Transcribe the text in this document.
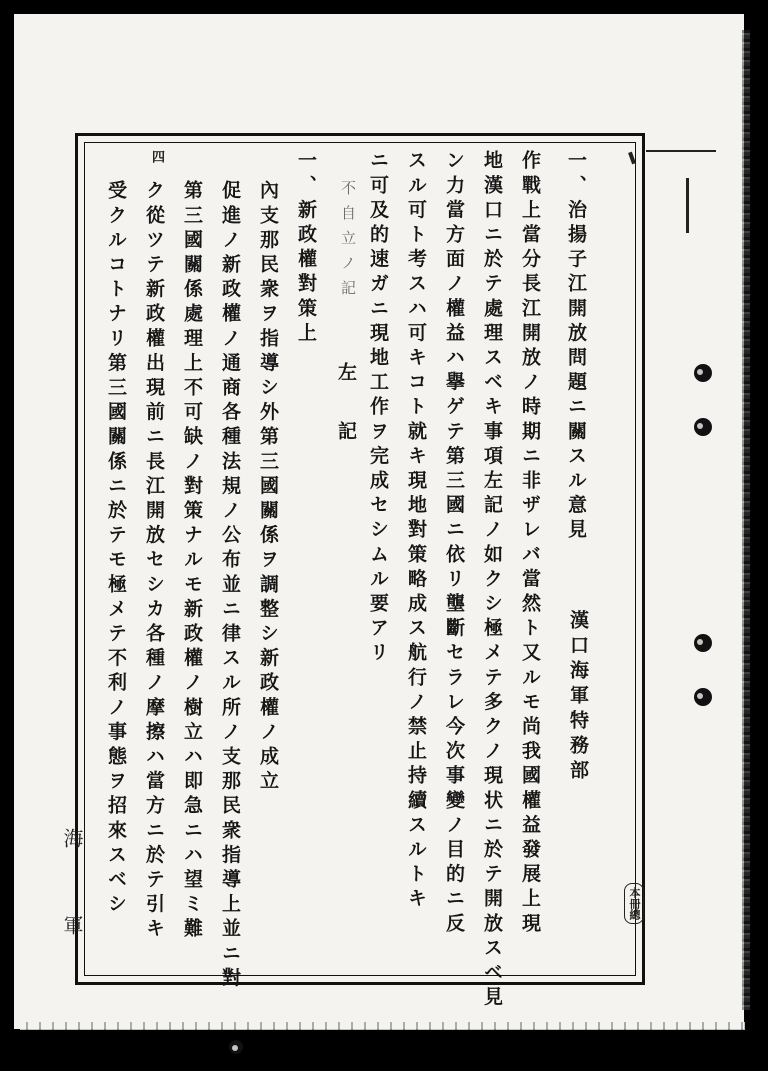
一、治揚子江開放問題ニ關スル意見
作戰上當分長江開放ノ時期ニ非ザレバ當然ト又ルモ尚我國權益發展上現
地漢口ニ於テ處理スベキ事項左記ノ如クシ極メテ多クノ現状ニ於テ開放スベ見
ン力當方面ノ權益ハ擧ゲテ第三國ニ依リ壟斷セラレ今次事變ノ目的ニ反
スル可ト考スハ可キコト就キ現地對策略成ス航行ノ禁止持續スルトキ
ニ可及的速ガニ現地工作ヲ完成セシムル要アリ
不自立ノ記
左記
一、新政權對策上
內支那民衆ヲ指導シ外第三國關係ヲ調整シ新政權ノ成立
促進ノ新政權ノ通商各種法規ノ公布並ニ律スル所ノ支那民衆指導上並ニ對
第三國關係處理上不可缺ノ對策ナルモ新政權ノ樹立ハ即急ニハ望ミ難
ク從ツテ新政權出現前ニ長江開放セシカ各種ノ摩擦ハ當方ニ於テ引キ
受クルコトナリ第三國關係ニ於テモ極メテ不利ノ事態ヲ招來スベシ
四
漢口海軍特務部
海
軍
本冊總
